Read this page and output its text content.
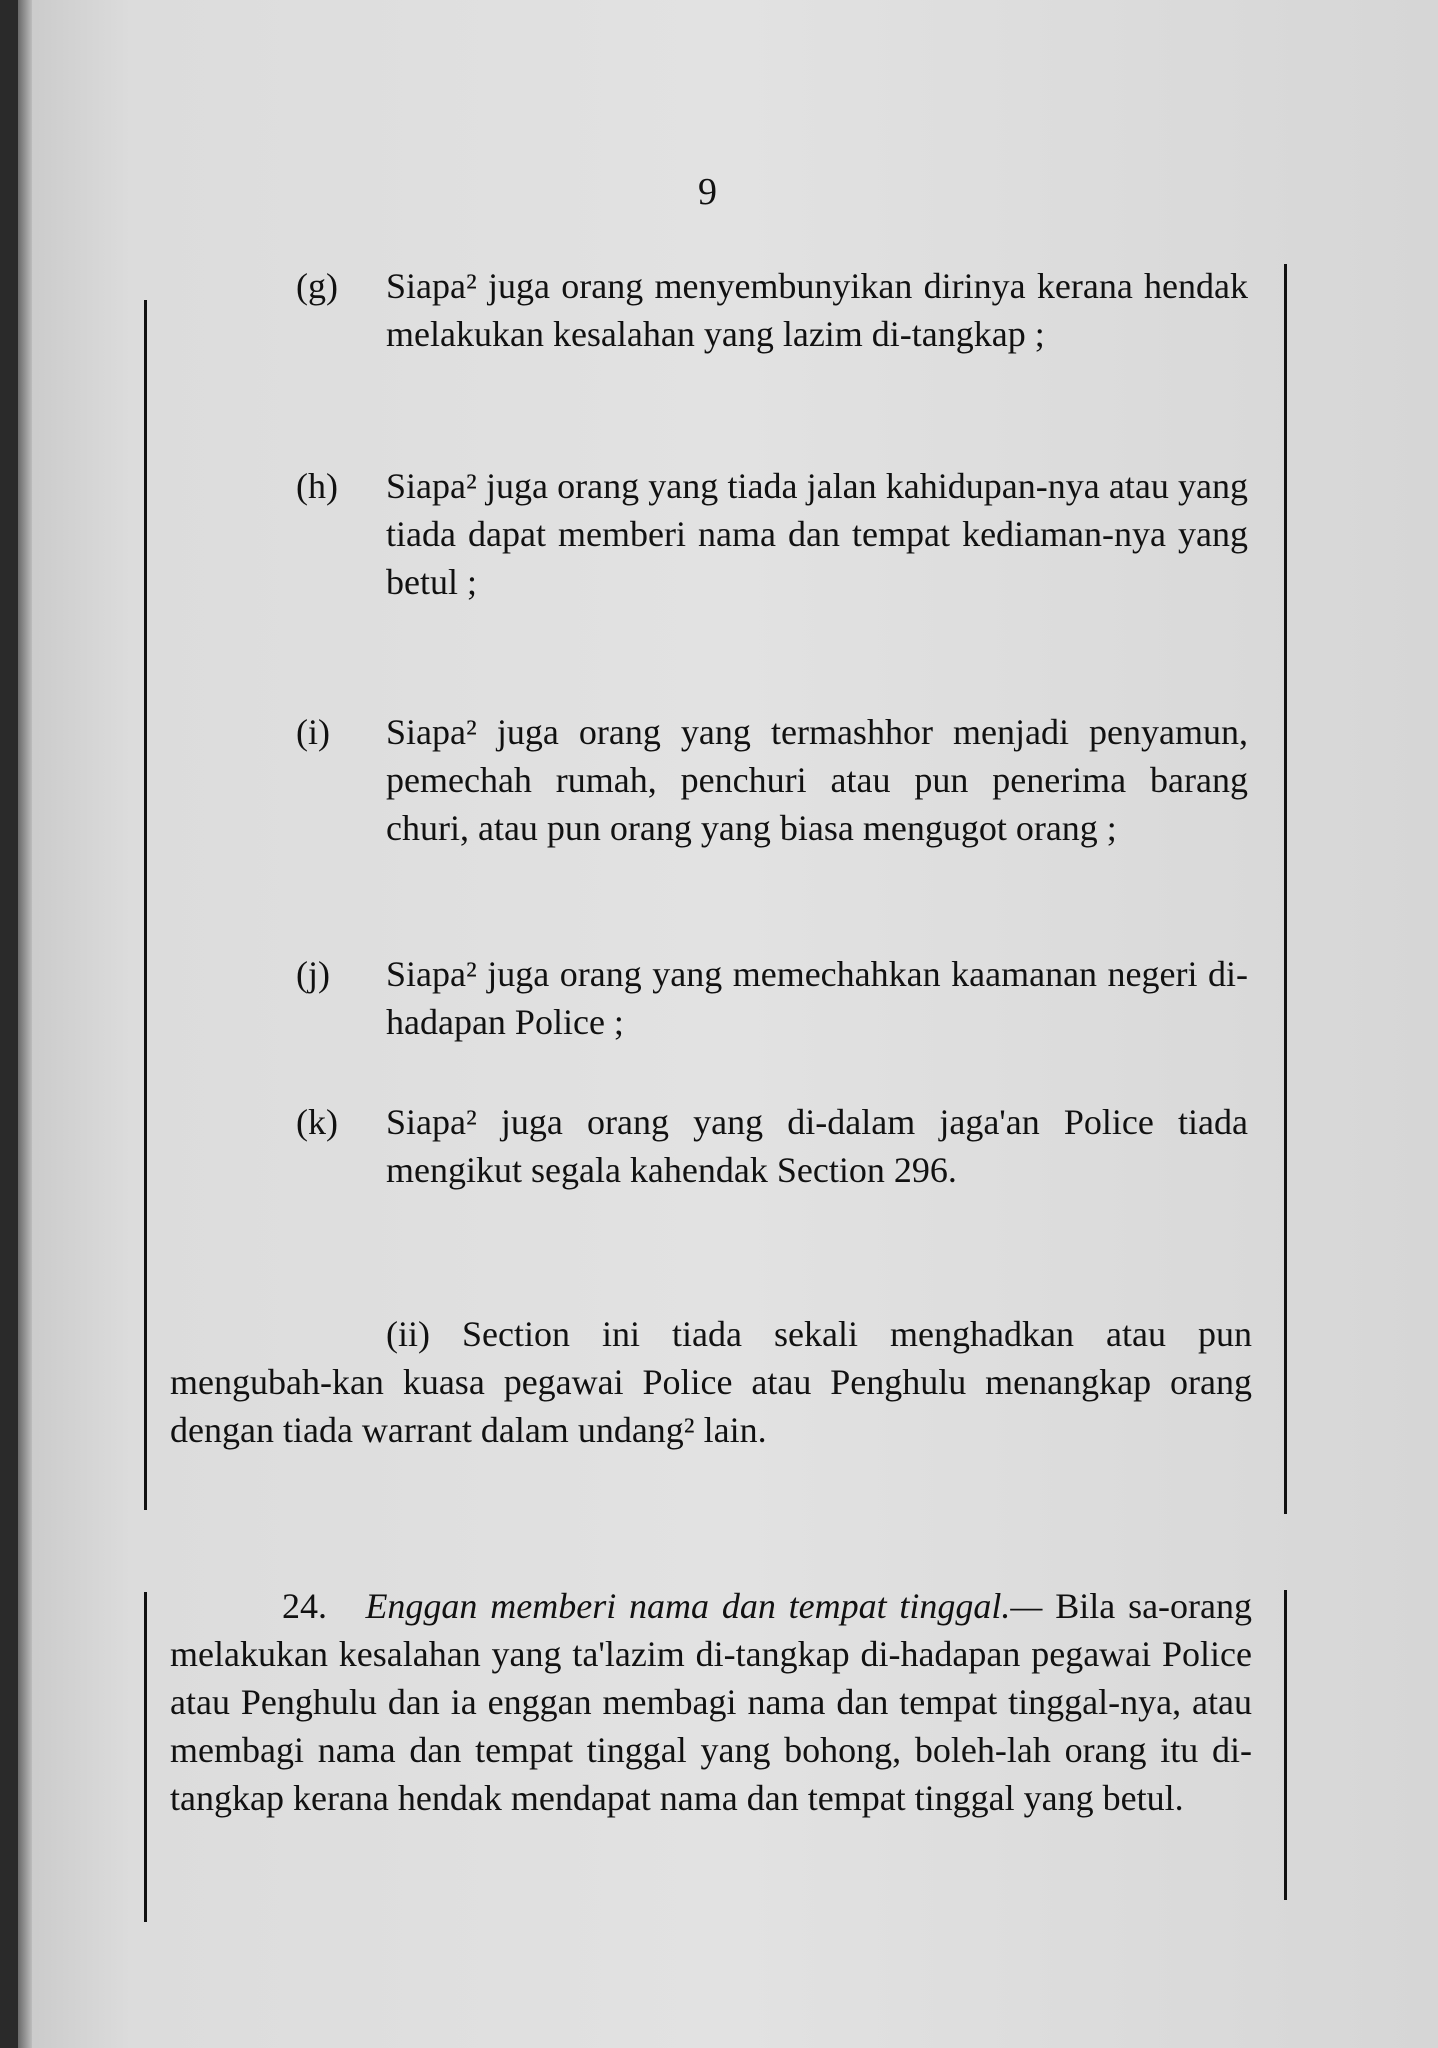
9
(g)	Siapa² juga orang menyembunyikan dirinya kerana hendak melakukan kesalahan yang lazim di-tangkap ;
(h)	Siapa² juga orang yang tiada jalan kahidupan-nya atau yang tiada dapat memberi nama dan tempat kediaman-nya yang betul ;
(i)	Siapa² juga orang yang termashhor menjadi penyamun, pemechah rumah, penchuri atau pun penerima barang churi, atau pun orang yang biasa mengugot orang ;
(j)	Siapa² juga orang yang memechahkan kaamanan negeri di-hadapan Police ;
(k)	Siapa² juga orang yang di-dalam jaga'an Police tiada mengikut segala kahendak Section 296.
(ii) Section ini tiada sekali menghadkan atau pun mengubah-kan kuasa pegawai Police atau Penghulu menangkap orang dengan tiada warrant dalam undang² lain.
24. Enggan memberi nama dan tempat tinggal.— Bila sa-orang melakukan kesalahan yang ta'lazim di-tangkap di-hadapan pegawai Police atau Penghulu dan ia enggan membagi nama dan tempat tinggal-nya, atau membagi nama dan tempat tinggal yang bohong, boleh-lah orang itu di-tangkap kerana hendak mendapat nama dan tempat tinggal yang betul.
